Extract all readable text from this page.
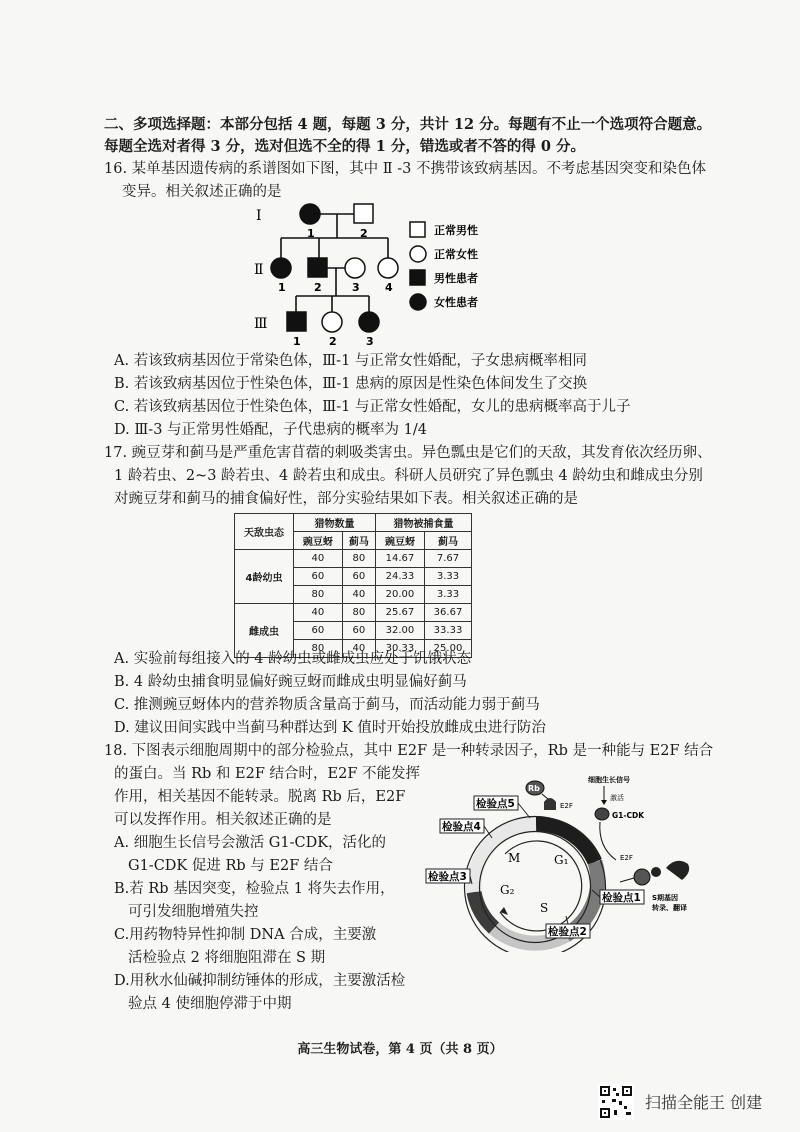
二、多项选择题：本部分包括 4 题，每题 3 分，共计 12 分。每题有不止一个选项符合题意。
每题全选对者得 3 分，选对但选不全的得 1 分，错选或者不答的得 0 分。
16. 某单基因遗传病的系谱图如下图，其中 Ⅱ -3 不携带该致病基因。不考虑基因突变和染色体
变异。相关叙述正确的是
Ⅰ
Ⅱ
Ⅲ
1	2
1	2	3 4
1	2	3
正常男性
正常女性
男性患者
女性患者
A. 若该致病基因位于常染色体，Ⅲ-1 与正常女性婚配，子女患病概率相同
B. 若该致病基因位于性染色体，Ⅲ-1 患病的原因是性染色体间发生了交换
C. 若该致病基因位于性染色体，Ⅲ-1 与正常女性婚配，女儿的患病概率高于儿子
D. Ⅲ-3 与正常男性婚配，子代患病的概率为 1/4
17. 豌豆芽和蓟马是严重危害苜蓿的刺吸类害虫。异色瓢虫是它们的天敌，其发育依次经历卵、
1 龄若虫、2~3 龄若虫、4 龄若虫和成虫。科研人员研究了异色瓢虫 4 龄幼虫和雌成虫分别
对豌豆芽和蓟马的捕食偏好性，部分实验结果如下表。相关叙述正确的是
天敌虫态	猎物数量		猎物被捕食量	
	豌豆蚜	蓟马	豌豆蚜	蓟马
4龄幼虫	40	80	14.67	7.67
	60	60	24.33	3.33
	80	40	20.00	3.33
雌成虫	40	80	25.67	36.67
	60	60	32.00	33.33
	80	40	30.33	25.00
A. 实验前每组接入的 4 龄幼虫或雌成虫应处于饥饿状态
B. 4 龄幼虫捕食明显偏好豌豆蚜而雌成虫明显偏好蓟马
C. 推测豌豆蚜体内的营养物质含量高于蓟马，而活动能力弱于蓟马
D. 建议田间实践中当蓟马种群达到 K 值时开始投放雌成虫进行防治
18. 下图表示细胞周期中的部分检验点，其中 E2F 是一种转录因子，Rb 是一种能与 E2F 结合
的蛋白。当 Rb 和 E2F 结合时，E2F 不能发挥
作用，相关基因不能转录。脱离 Rb 后，E2F
可以发挥作用。相关叙述正确的是
A. 细胞生长信号会激活 G1-CDK，活化的
G1-CDK 促进 Rb 与 E2F 结合
B.若 Rb 基因突变，检验点 1 将失去作用，
可引发细胞增殖失控
C.用药物特异性抑制 DNA 合成，主要激
活检验点 2 将细胞阻滞在 S 期
D.用秋水仙碱抑制纺锤体的形成，主要激活检
验点 4 使细胞停滞于中期
M	G₁
G₂
S
检验点5
检验点4
检验点3
检验点1
检验点2
Rb
E2F
细胞生长信号
激活
G1-CDK
E2F
S期基因
转录、翻译
高三生物试卷，第 4 页（共 8 页）
扫描全能王 创建
